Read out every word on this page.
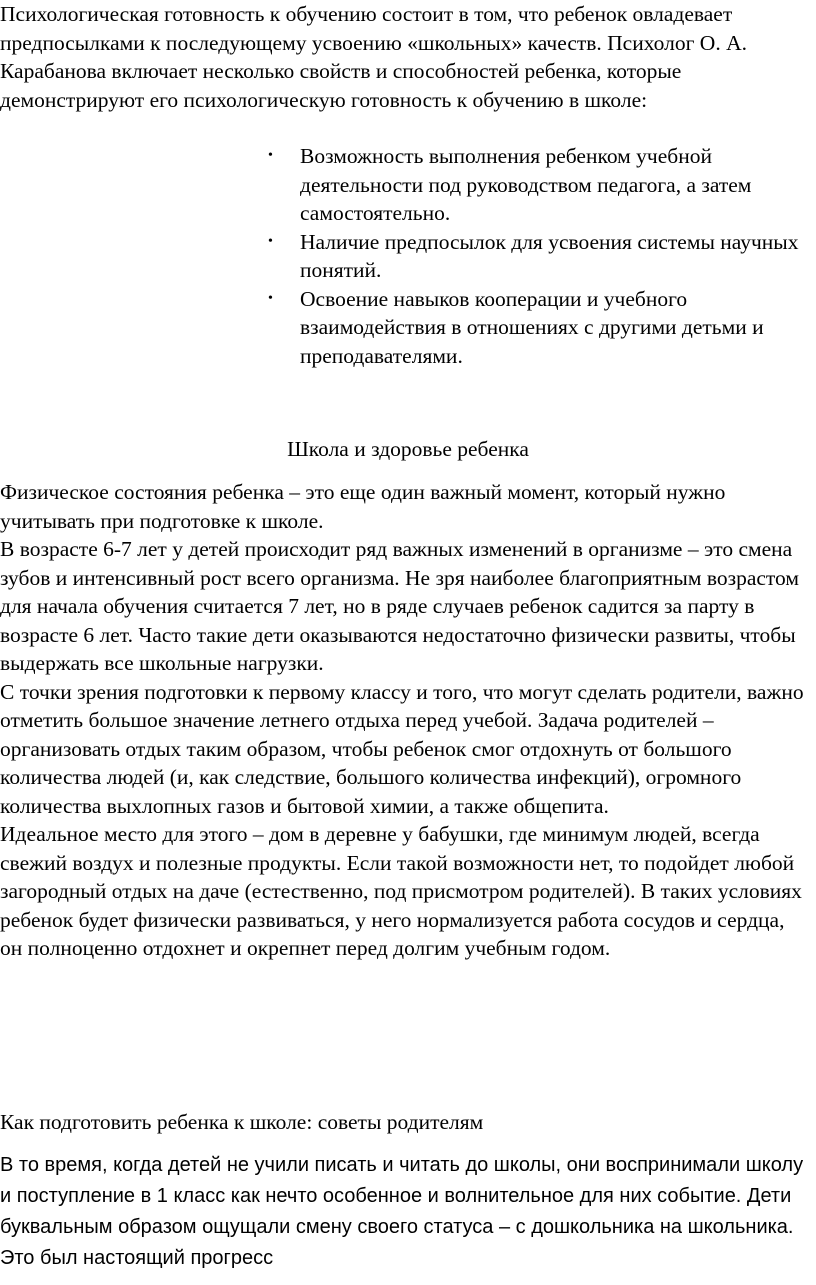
Психологическая готовность к обучению состоит в том, что ребенок овладевает предпосылками к последующему усвоению «школьных» качеств. Психолог О. А. Карабанова включает несколько свойств и способностей ребенка, которые демонстрируют его психологическую готовность к обучению в школе:

• Возможность выполнения ребенком учебной деятельности под руководством педагога, а затем самостоятельно.
• Наличие предпосылок для усвоения системы научных понятий.
• Освоение навыков кооперации и учебного взаимодействия в отношениях с другими детьми и преподавателями.

Школа и здоровье ребенка

Физическое состояния ребенка – это еще один важный момент, который нужно учитывать при подготовке к школе.

В возрасте 6-7 лет у детей происходит ряд важных изменений в организме – это смена зубов и интенсивный рост всего организма. Не зря наиболее благоприятным возрастом для начала обучения считается 7 лет, но в ряде случаев ребенок садится за парту в возрасте 6 лет. Часто такие дети оказываются недостаточно физически развиты, чтобы выдержать все школьные нагрузки.

С точки зрения подготовки к первому классу и того, что могут сделать родители, важно отметить большое значение летнего отдыха перед учебой. Задача родителей – организовать отдых таким образом, чтобы ребенок смог отдохнуть от большого количества людей (и, как следствие, большого количества инфекций), огромного количества выхлопных газов и бытовой химии, а также общепита.

Идеальное место для этого – дом в деревне у бабушки, где минимум людей, всегда свежий воздух и полезные продукты. Если такой возможности нет, то подойдет любой загородный отдых на даче (естественно, под присмотром родителей). В таких условиях ребенок будет физически развиваться, у него нормализуется работа сосудов и сердца, он полноценно отдохнет и окрепнет перед долгим учебным годом.

Как подготовить ребенка к школе: советы родителям

В то время, когда детей не учили писать и читать до школы, они воспринимали школу и поступление в 1 класс как нечто особенное и волнительное для них событие. Дети буквальным образом ощущали смену своего статуса – с дошкольника на школьника. Это был настоящий прогресс
